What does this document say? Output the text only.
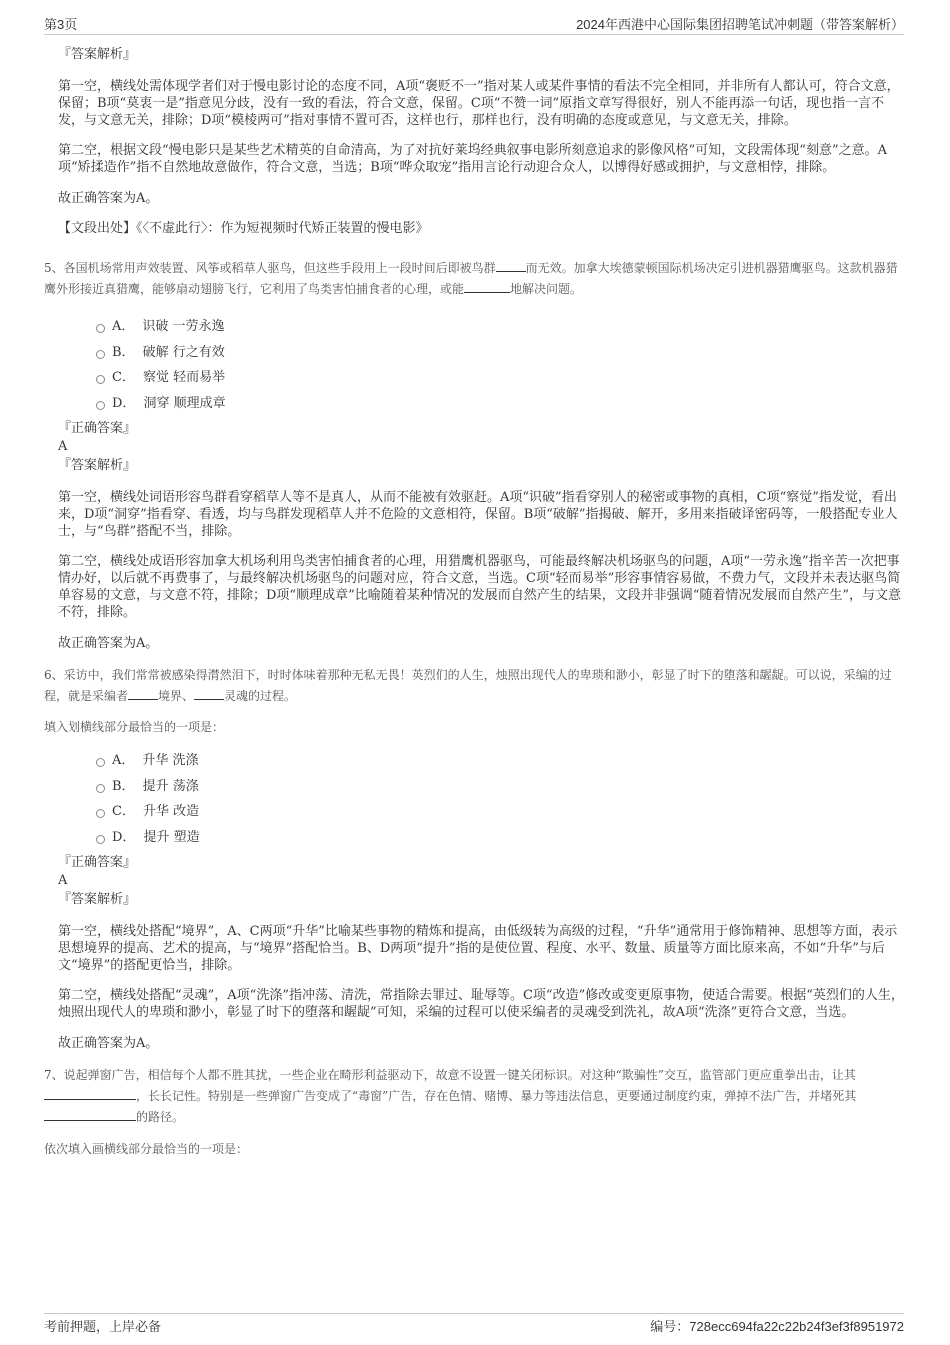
第3页	2024年西港中心国际集团招聘笔试冲刺题（带答案解析）

『答案解析』

第一空，横线处需体现学者们对于慢电影讨论的态度不同，A项“褒贬不一”指对某人或某件事情的看法不完全相同，并非所有人都认可，符合文意，保留；B项“莫衷一是”指意见分歧，没有一致的看法，符合文意，保留。C项“不赞一词”原指文章写得很好，别人不能再添一句话，现也指一言不发，与文意无关，排除；D项“模棱两可”指对事情不置可否，这样也行，那样也行，没有明确的态度或意见，与文意无关，排除。

第二空，根据文段“慢电影只是某些艺术精英的自命清高，为了对抗好莱坞经典叙事电影所刻意追求的影像风格”可知，文段需体现“刻意”之意。A项“矫揉造作”指不自然地故意做作，符合文意，当选；B项“哗众取宠”指用言论行动迎合众人，以博得好感或拥护，与文意相悖，排除。

故正确答案为A。

【文段出处】《〈不虚此行〉：作为短视频时代矫正装置的慢电影》

5、各国机场常用声效装置、风筝或稻草人驱鸟，但这些手段用上一段时间后即被鸟群	而无效。加拿大埃德蒙顿国际机场决定引进机器猎鹰驱鸟。这款机器猎鹰外形接近真猎鹰，能够扇动翅膀飞行，它利用了鸟类害怕捕食者的心理，或能	地解决问题。

A． 识破 一劳永逸
B． 破解 行之有效
C． 察觉 轻而易举
D． 洞穿 顺理成章

『正确答案』

A

『答案解析』

第一空，横线处词语形容鸟群看穿稻草人等不是真人，从而不能被有效驱赶。A项“识破”指看穿别人的秘密或事物的真相，C项“察觉”指发觉，看出来，D项“洞穿”指看穿、看透，均与鸟群发现稻草人并不危险的文意相符，保留。B项“破解”指揭破、解开，多用来指破译密码等，一般搭配专业人士，与“鸟群”搭配不当，排除。

第二空，横线处成语形容加拿大机场利用鸟类害怕捕食者的心理，用猎鹰机器驱鸟，可能最终解决机场驱鸟的问题，A项“一劳永逸”指辛苦一次把事情办好，以后就不再费事了，与最终解决机场驱鸟的问题对应，符合文意，当选。C项“轻而易举”形容事情容易做，不费力气，文段并未表达驱鸟简单容易的文意，与文意不符，排除；D项“顺理成章”比喻随着某种情况的发展而自然产生的结果，文段并非强调“随着情况发展而自然产生”，与文意不符，排除。

故正确答案为A。

6、采访中，我们常常被感染得潸然泪下，时时体味着那种无私无畏！英烈们的人生，烛照出现代人的卑琐和渺小，彰显了时下的堕落和龌龊。可以说，采编的过程，就是采编者	境界、	灵魂的过程。

填入划横线部分最恰当的一项是：

A． 升华 洗涤
B． 提升 荡涤
C． 升华 改造
D． 提升 塑造

『正确答案』

A

『答案解析』

第一空，横线处搭配“境界”，A、C两项“升华”比喻某些事物的精炼和提高，由低级转为高级的过程，“升华”通常用于修饰精神、思想等方面，表示思想境界的提高、艺术的提高，与“境界”搭配恰当。B、D两项“提升”指的是使位置、程度、水平、数量、质量等方面比原来高，不如“升华”与后文“境界”的搭配更恰当，排除。

第二空，横线处搭配“灵魂”，A项“洗涤”指冲荡、清洗，常指除去罪过、耻辱等。C项“改造”修改或变更原事物，使适合需要。根据“英烈们的人生，烛照出现代人的卑琐和渺小，彰显了时下的堕落和龌龊”可知，采编的过程可以使采编者的灵魂受到洗礼，故A项“洗涤”更符合文意，当选。

故正确答案为A。

7、说起弹窗广告，相信每个人都不胜其扰，一些企业在畸形利益驱动下，故意不设置一键关闭标识。对这种“欺骗性”交互，监管部门更应重拳出击，让其，长长记性。特别是一些弹窗广告变成了“毒窗”广告，存在色情、赌博、暴力等违法信息，更要通过制度约束，弹掉不法广告，并堵死其的路径。

依次填入画横线部分最恰当的一项是：

考前押题，上岸必备	编号：728ecc694fa22c22b24f3ef3f8951972
